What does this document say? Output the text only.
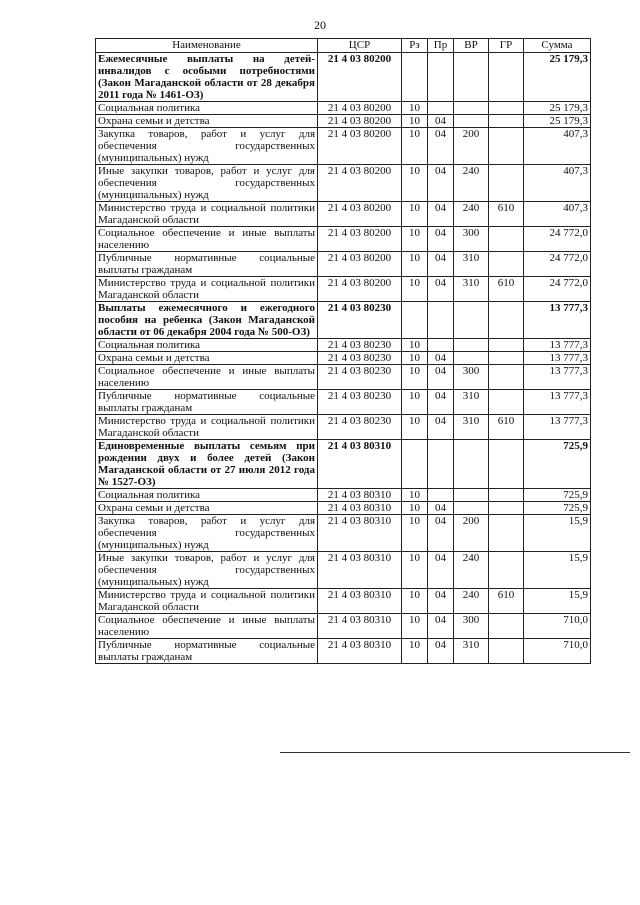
20
Наименование	ЦСР	Рз	Пр	ВР	ГР	Сумма
Ежемесячные выплаты на детей-инвалидов с особыми потребностями (Закон Магаданской области от 28 декабря 2011 года № 1461-ОЗ)	21 4 03 80200					25 179,3
Социальная политика	21 4 03 80200	10				25 179,3
Охрана семьи и детства	21 4 03 80200	10	04			25 179,3
Закупка товаров, работ и услуг для обеспечения государственных (муниципальных) нужд	21 4 03 80200	10	04	200		407,3
Иные закупки товаров, работ и услуг для обеспечения государственных (муниципальных) нужд	21 4 03 80200	10	04	240		407,3
Министерство труда и социальной политики Магаданской области	21 4 03 80200	10	04	240	610	407,3
Социальное обеспечение и иные выплаты населению	21 4 03 80200	10	04	300		24 772,0
Публичные нормативные социальные выплаты гражданам	21 4 03 80200	10	04	310		24 772,0
Министерство труда и социальной политики Магаданской области	21 4 03 80200	10	04	310	610	24 772,0
Выплаты ежемесячного и ежегодного пособия на ребенка (Закон Магаданской области от 06 декабря 2004 года № 500-ОЗ)	21 4 03 80230					13 777,3
Социальная политика	21 4 03 80230	10				13 777,3
Охрана семьи и детства	21 4 03 80230	10	04			13 777,3
Социальное обеспечение и иные выплаты населению	21 4 03 80230	10	04	300		13 777,3
Публичные нормативные социальные выплаты гражданам	21 4 03 80230	10	04	310		13 777,3
Министерство труда и социальной политики Магаданской области	21 4 03 80230	10	04	310	610	13 777,3
Единовременные выплаты семьям при рождении двух и более детей (Закон Магаданской области от 27 июля 2012 года № 1527-ОЗ)	21 4 03 80310					725,9
Социальная политика	21 4 03 80310	10				725,9
Охрана семьи и детства	21 4 03 80310	10	04			725,9
Закупка товаров, работ и услуг для обеспечения государственных (муниципальных) нужд	21 4 03 80310	10	04	200		15,9
Иные закупки товаров, работ и услуг для обеспечения государственных (муниципальных) нужд	21 4 03 80310	10	04	240		15,9
Министерство труда и социальной политики Магаданской области	21 4 03 80310	10	04	240	610	15,9
Социальное обеспечение и иные выплаты населению	21 4 03 80310	10	04	300		710,0
Публичные нормативные социальные выплаты гражданам	21 4 03 80310	10	04	310		710,0
